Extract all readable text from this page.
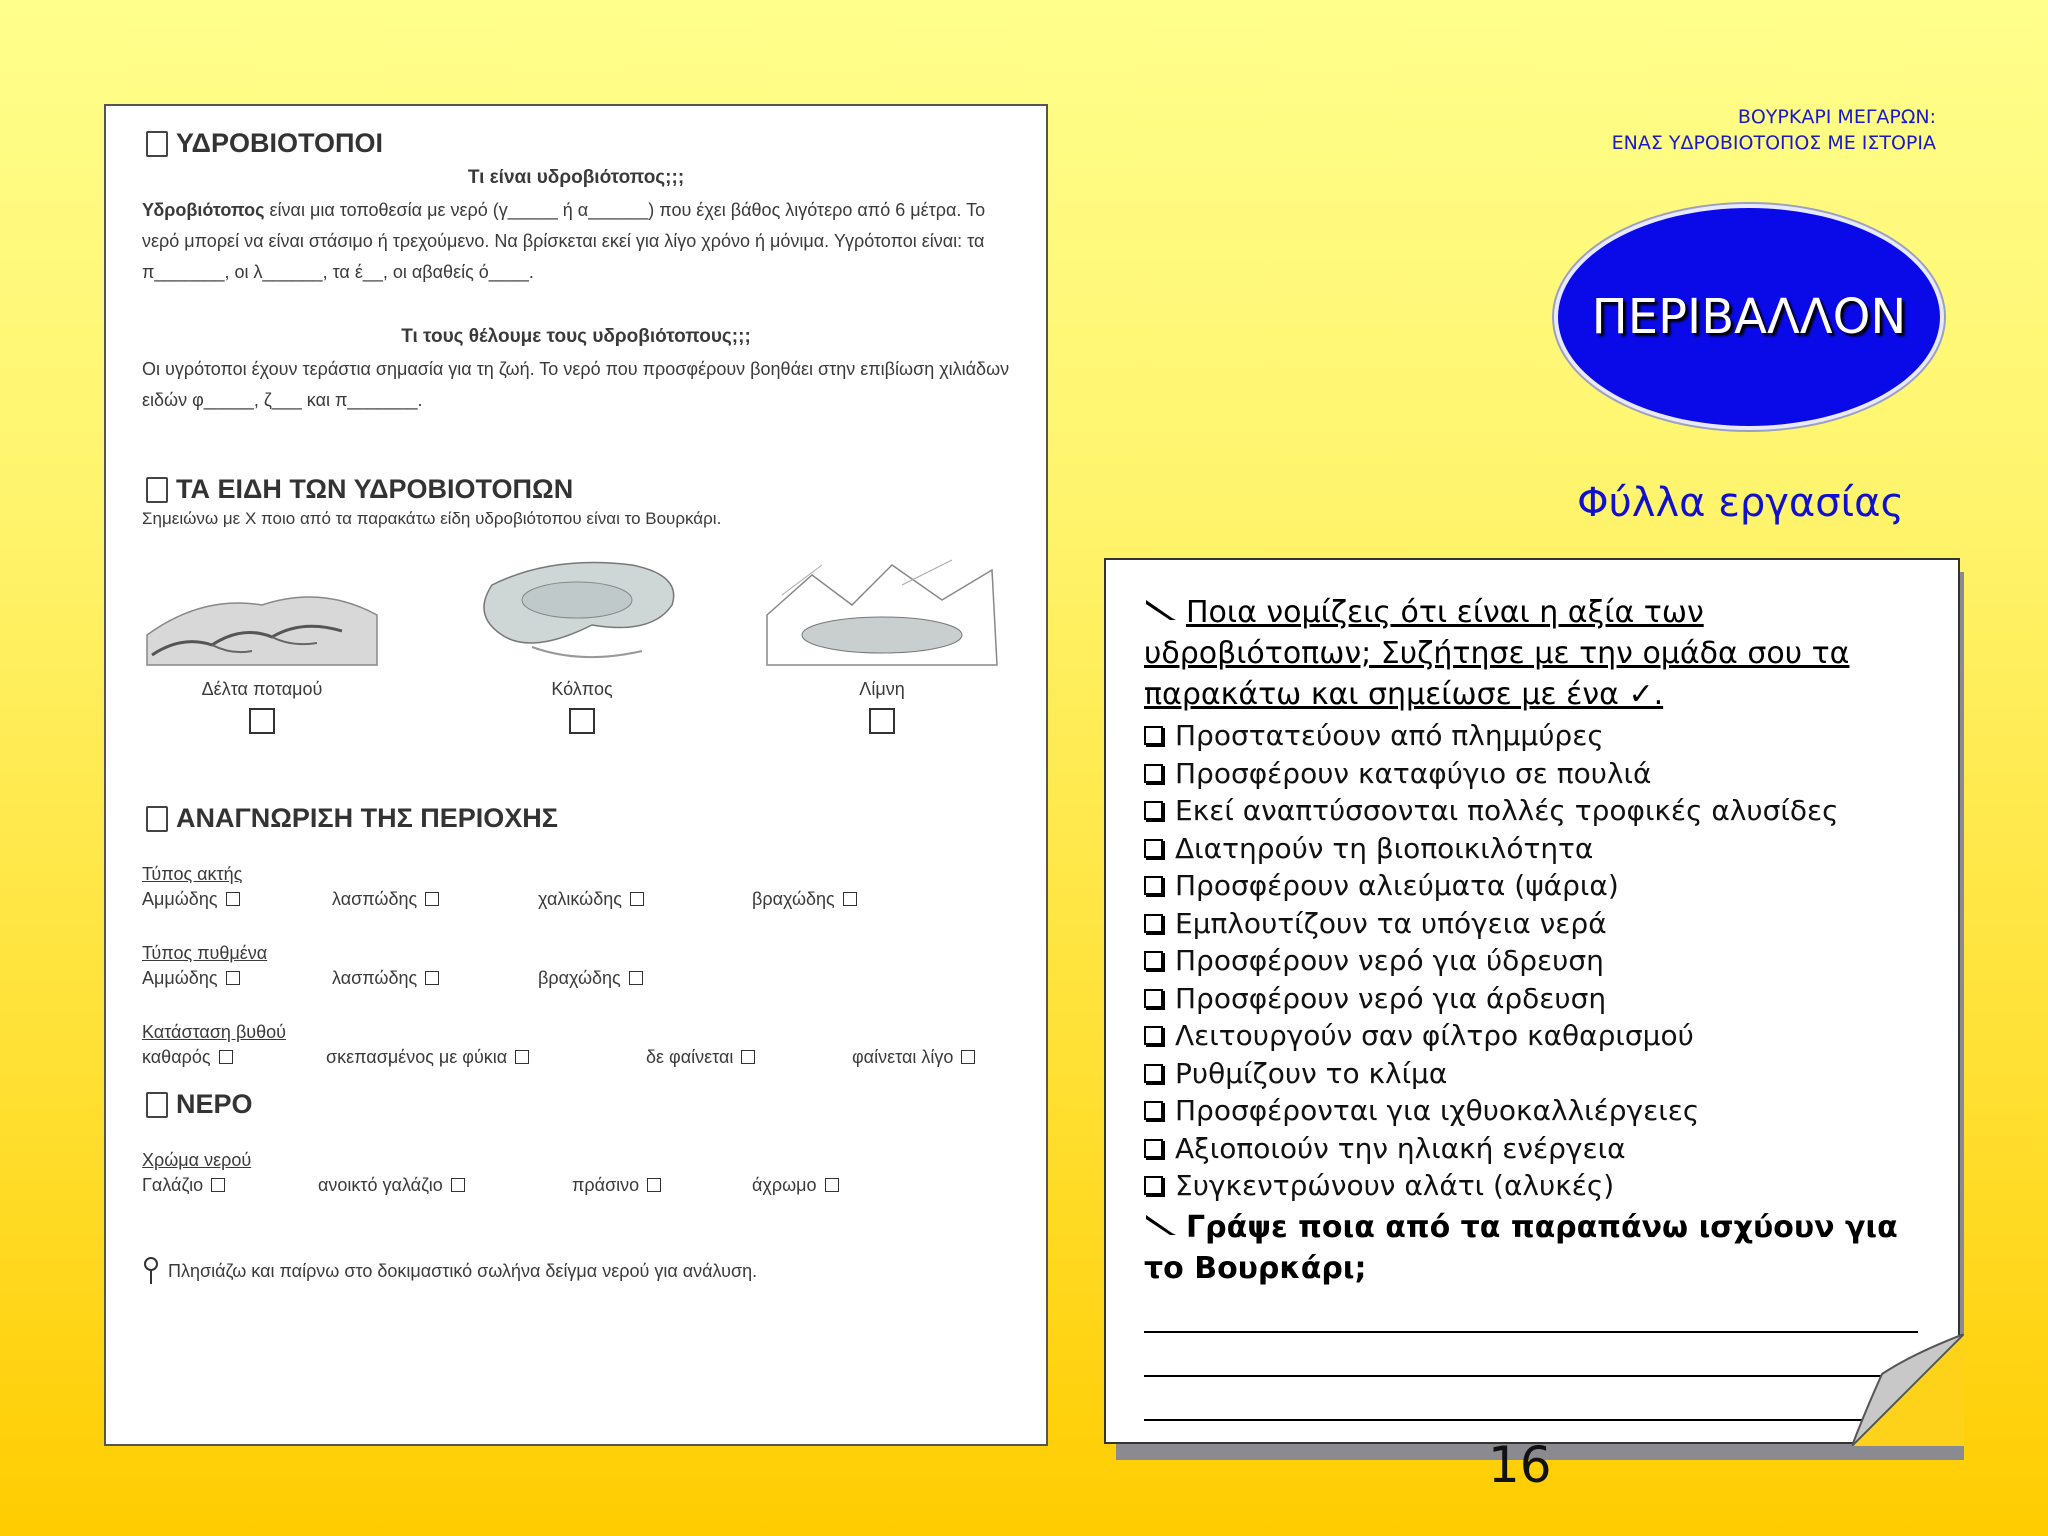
ΥΔΡΟΒΙΟΤΟΠΟΙ
Τι είναι υδροβιότοπος;;;
Υδροβιότοπος είναι μια τοποθεσία με νερό (γ_____ ή α______) που έχει βάθος λιγότερο από 6 μέτρα. Το νερό μπορεί να είναι στάσιμο ή τρεχούμενο. Να βρίσκεται εκεί για λίγο χρόνο ή μόνιμα. Υγρότοποι είναι: τα π_______, οι λ______, τα έ__, οι αβαθείς ό____.
Τι τους θέλουμε τους υδροβιότοπους;;;
Οι υγρότοποι έχουν τεράστια σημασία για τη ζωή. Το νερό που προσφέρουν βοηθάει στην επιβίωση χιλιάδων ειδών φ_____, ζ___ και π_______.
ΤΑ ΕΙΔΗ ΤΩΝ ΥΔΡΟΒΙΟΤΟΠΩΝ
Σημειώνω με Χ ποιο από τα παρακάτω είδη υδροβιότοπου είναι το Βουρκάρι.
Δέλτα ποταμού	Κόλπος	Λίμνη
ΑΝΑΓΝΩΡΙΣΗ ΤΗΣ ΠΕΡΙΟΧΗΣ
Τύπος ακτής
Αμμώδης	λασπώδης	χαλικώδης	βραχώδης
Τύπος πυθμένα
Αμμώδης	λασπώδης	βραχώδης
Κατάσταση βυθού
καθαρός	σκεπασμένος με φύκια	δε φαίνεται	φαίνεται λίγο
ΝΕΡΟ
Χρώμα νερού
Γαλάζιο	ανοικτό γαλάζιο	πράσινο	άχρωμο
Πλησιάζω και παίρνω στο δοκιμαστικό σωλήνα δείγμα νερού για ανάλυση.
ΒΟΥΡΚΑΡΙ ΜΕΓΑΡΩΝ:
ΕΝΑΣ ΥΔΡΟΒΙΟΤΟΠΟΣ ΜΕ ΙΣΤΟΡΙΑ
ΠΕΡΙΒΑΛΛΟΝ
Φύλλα εργασίας
Ποια νομίζεις ότι είναι η αξία των υδροβιότοπων; Συζήτησε με την ομάδα σου τα παρακάτω και σημείωσε με ένα ✓.
Προστατεύουν από πλημμύρες
Προσφέρουν καταφύγιο σε πουλιά
Εκεί αναπτύσσονται πολλές τροφικές αλυσίδες
Διατηρούν τη βιοποικιλότητα
Προσφέρουν αλιεύματα (ψάρια)
Εμπλουτίζουν τα υπόγεια νερά
Προσφέρουν νερό για ύδρευση
Προσφέρουν νερό για άρδευση
Λειτουργούν σαν φίλτρο καθαρισμού
Ρυθμίζουν το κλίμα
Προσφέρονται για ιχθυοκαλλιέργειες
Αξιοποιούν την ηλιακή ενέργεια
Συγκεντρώνουν αλάτι (αλυκές)
Γράψε ποια από τα παραπάνω ισχύουν για το Βουρκάρι;
16
